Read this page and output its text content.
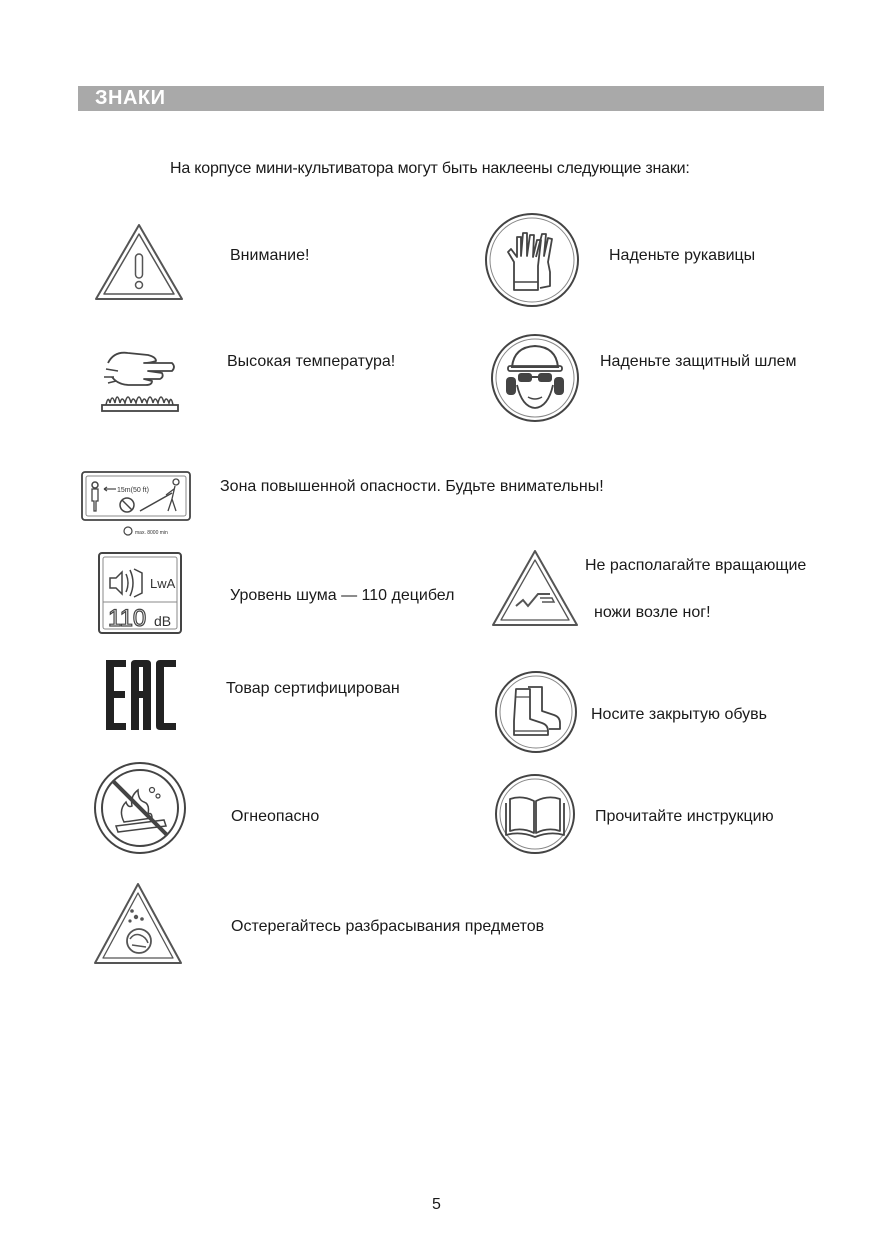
ЗНАКИ
На корпусе мини-культиватора могут быть наклеены следующие знаки:
Внимание!	Наденьте рукавицы
Высокая температура!	Наденьте защитный шлем
15m(50 ft)
max. 8000 min
Зона повышенной опасности. Будьте внимательны!
LwA
110 dB
Уровень шума — 110 децибел
Не располагайте вращающие
ножи возле ног!
Товар сертифицирован
Носите закрытую обувь
Огнеопасно	Прочитайте инструкцию
Остерегайтесь разбрасывания предметов
5
